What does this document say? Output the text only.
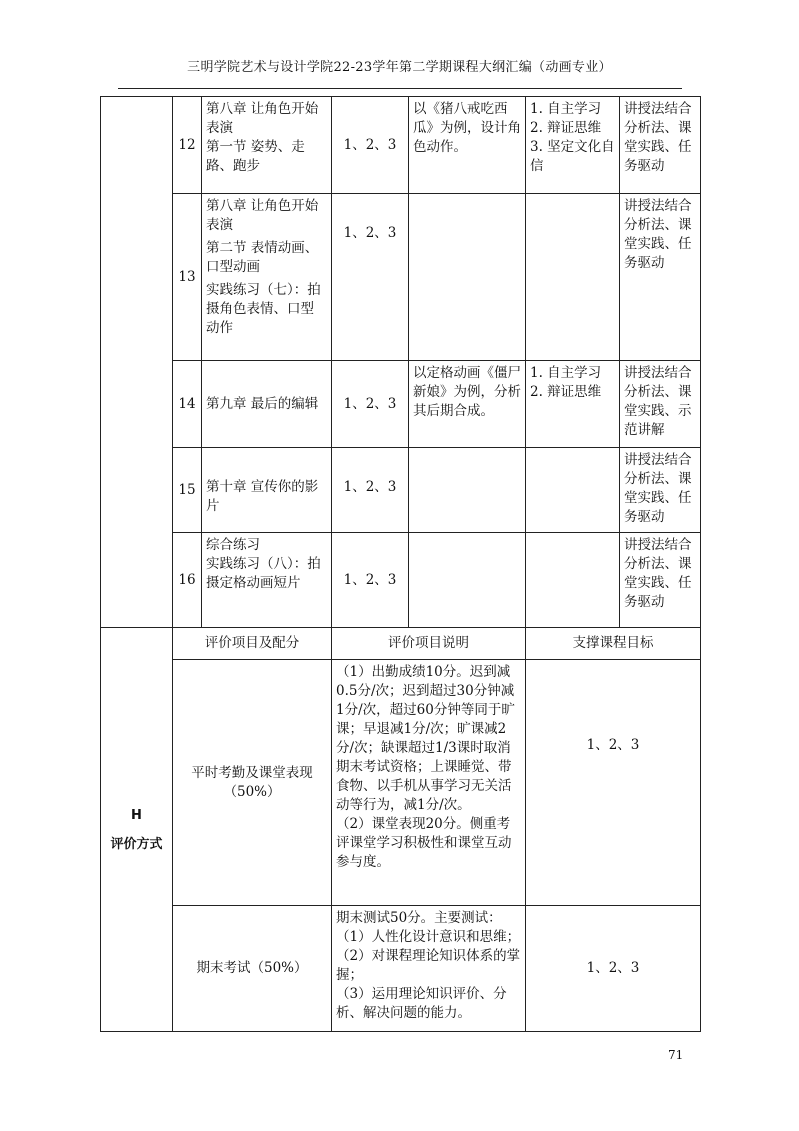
三明学院艺术与设计学院22-23学年第二学期课程大纲汇编（动画专业）
	12	第八章 让角色开始表演
第一节 姿势、走路、跑步	1、2、3	以《猪八戒吃西瓜》为例，设计角色动作。	1. 自主学习
2. 辩证思维
3. 坚定文化自信	讲授法结合分析法、课堂实践、任务驱动
	13	第八章 让角色开始表演
第二节 表情动画、口型动画
实践练习（七）：拍摄角色表情、口型动作	1、2、3			讲授法结合分析法、课堂实践、任务驱动
	14	第九章 最后的编辑	1、2、3	以定格动画《僵尸新娘》为例，分析其后期合成。	1. 自主学习
2. 辩证思维	讲授法结合分析法、课堂实践、示范讲解
	15	第十章 宣传你的影片	1、2、3			讲授法结合分析法、课堂实践、任务驱动
	16	综合练习
实践练习（八）：拍摄定格动画短片	1、2、3			讲授法结合分析法、课堂实践、任务驱动

H
评价方式	评价项目及配分		评价项目说明		支撑课程目标	

	平时考勤及课堂表现
（50%）		（1）出勤成绩10分。迟到减0.5分/次；迟到超过30分钟减1分/次，超过60分钟等同于旷课；早退减1分/次；旷课减2分/次；缺课超过1/3课时取消期末考试资格；上课睡觉、带食物、以手机从事学习无关活动等行为，减1分/次。
（2）课堂表现20分。侧重考评课堂学习积极性和课堂互动参与度。		1、2、3	

	期末考试（50%）		期末测试50分。主要测试：
（1）人性化设计意识和思维；
（2）对课程理论知识体系的掌握；
（3）运用理论知识评价、分析、解决问题的能力。		1、2、3	
71
